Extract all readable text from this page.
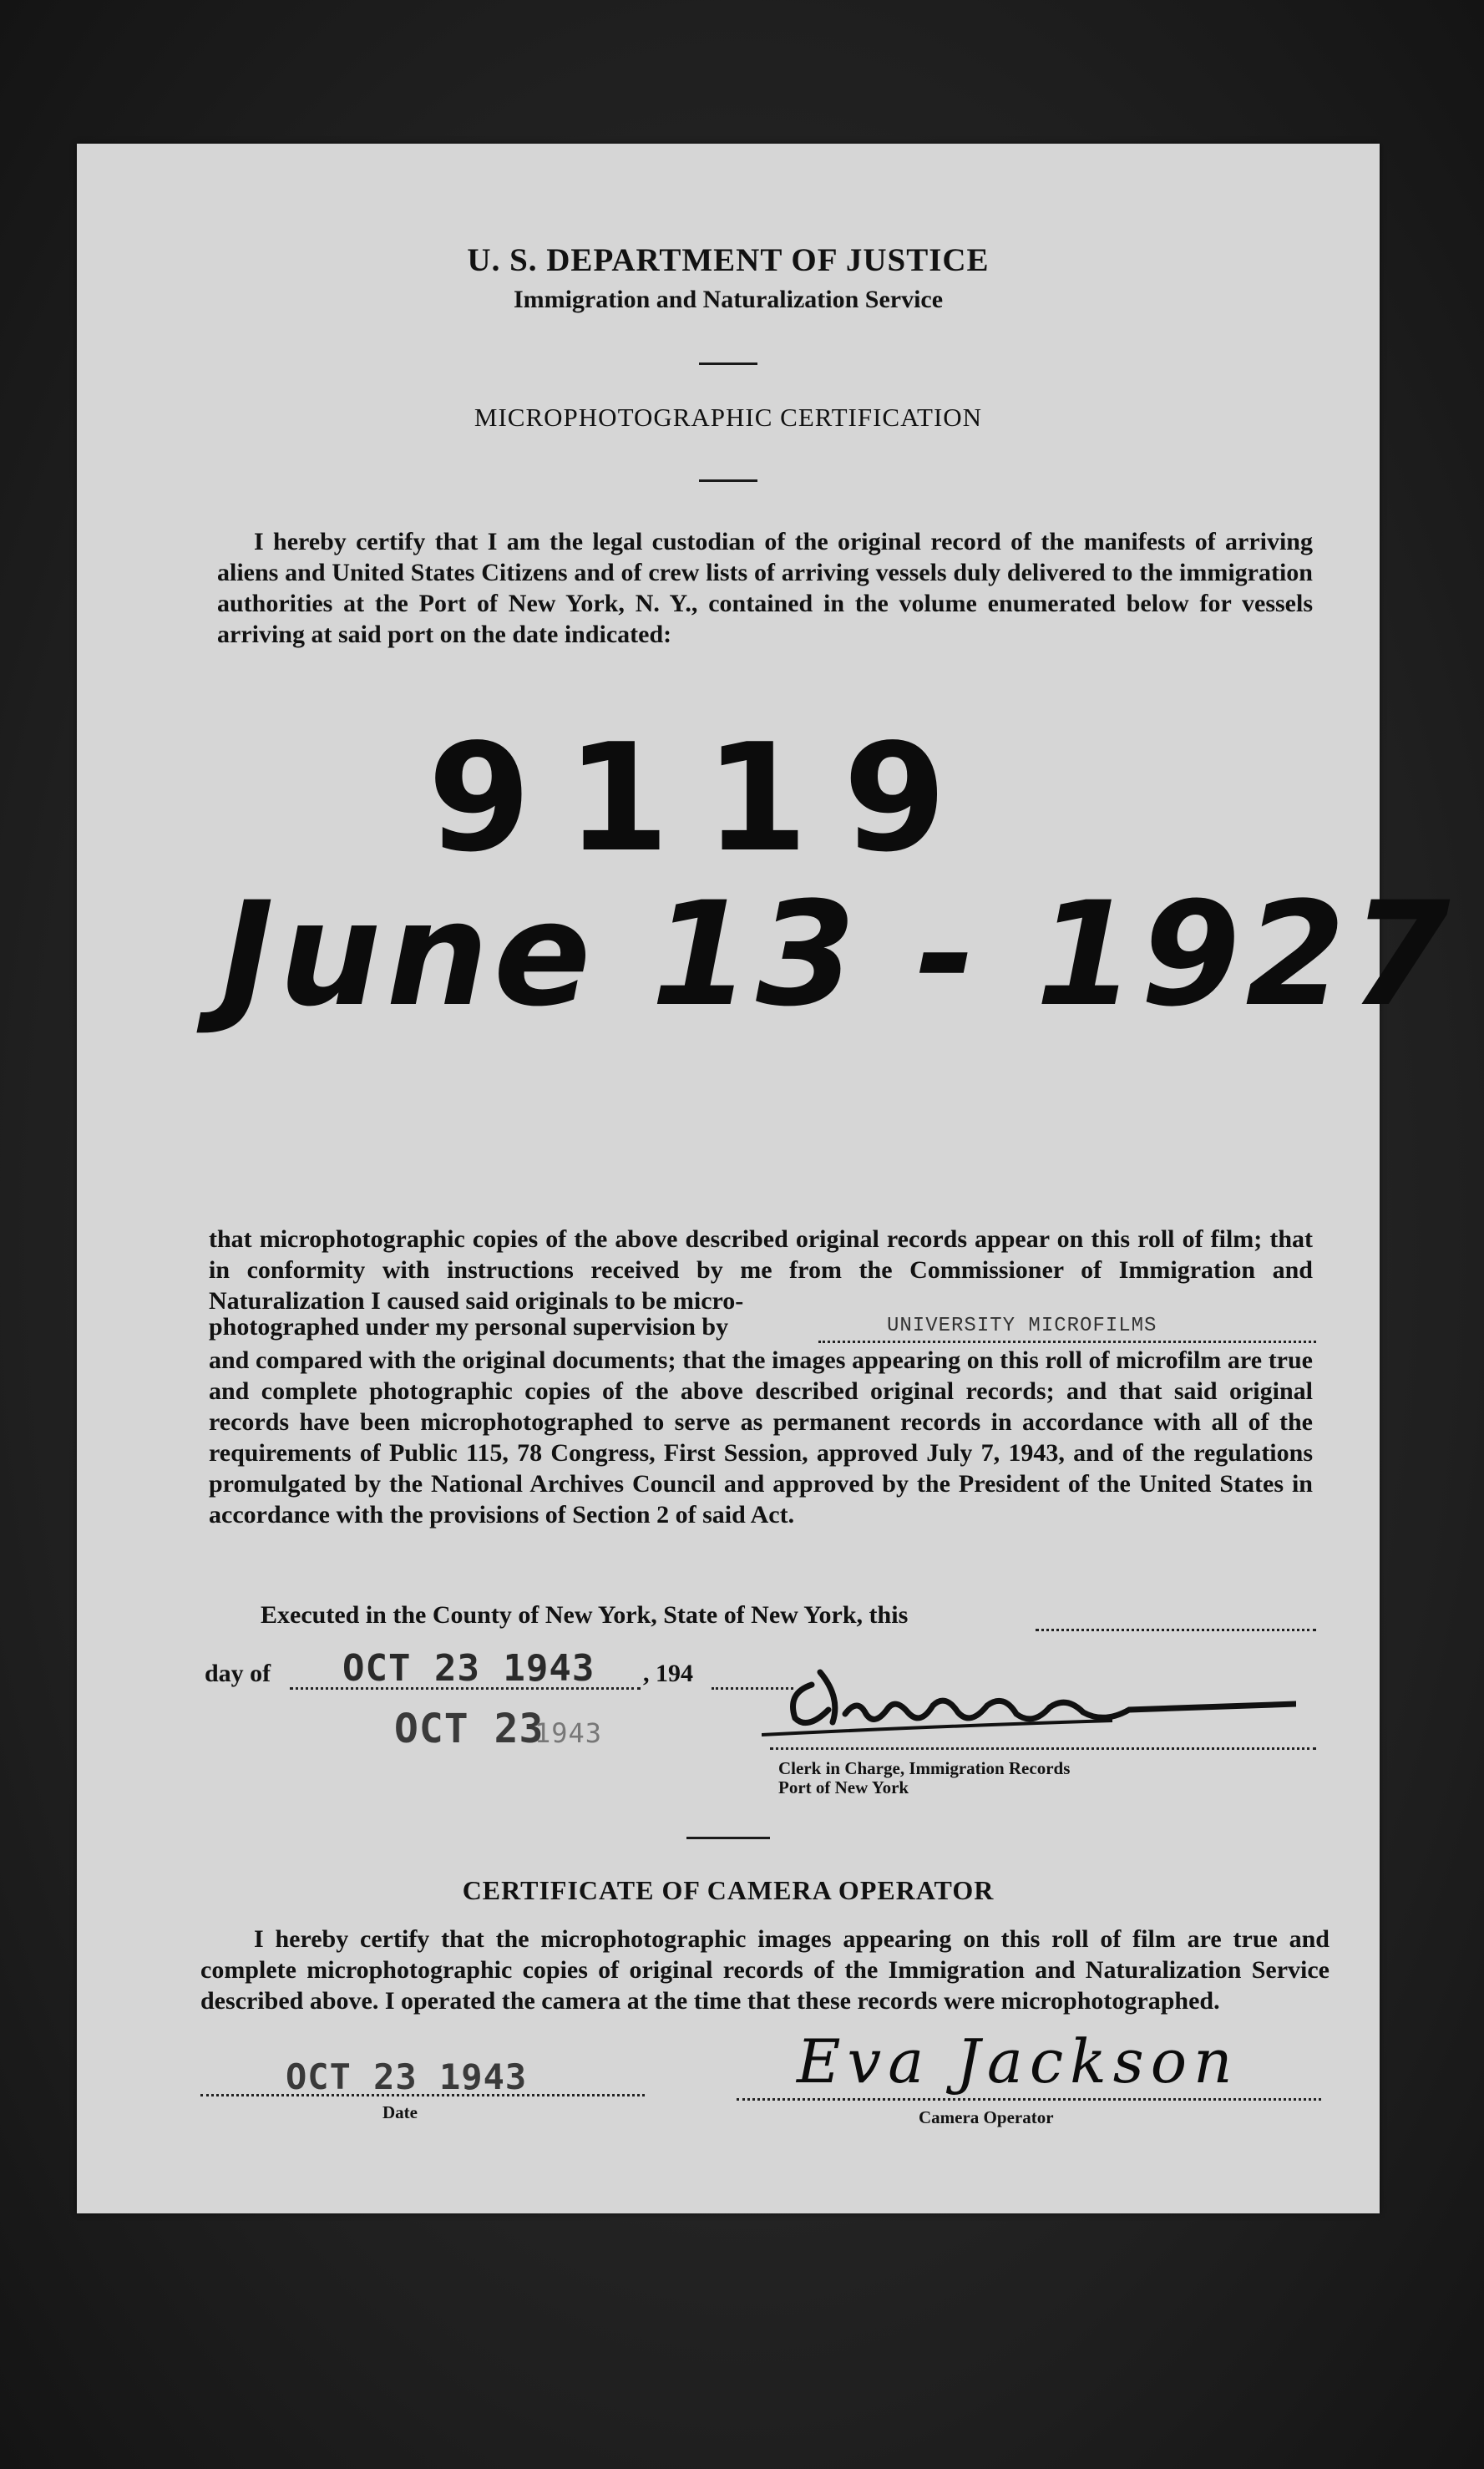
U. S. DEPARTMENT OF JUSTICE
Immigration and Naturalization Service
MICROPHOTOGRAPHIC CERTIFICATION

I hereby certify that I am the legal custodian of the original record of the manifests of arriving aliens and United States Citizens and of crew lists of arriving vessels duly delivered to the immigration authorities at the Port of New York, N. Y., contained in the volume enumerated below for vessels arriving at said port on the date indicated:

9119
June 13 - 1927

that microphotographic copies of the above described original records appear on this roll of film; that in conformity with instructions received by me from the Commissioner of Immigration and Naturalization I caused said originals to be micro-

photographed under my personal supervision by	UNIVERSITY MICROFILMS

and compared with the original documents; that the images appearing on this roll of microfilm are true and complete photographic copies of the above described original records; and that said original records have been microphotographed to serve as permanent records in accordance with all of the requirements of Public 115, 78 Congress, First Session, approved July 7, 1943, and of the regulations promulgated by the National Archives Council and approved by the President of the United States in accordance with the provisions of Section 2 of said Act.

Executed in the County of New York, State of New York, this
day of OCT 23 1943 , 194
OCT 23
1943
Clerk in Charge, Immigration Records
Port of New York
CERTIFICATE OF CAMERA OPERATOR

I hereby certify that the microphotographic images appearing on this roll of film are true and complete microphotographic copies of original records of the Immigration and Naturalization Service described above. I operated the camera at the time that these records were microphotographed.

OCT 23 1943
Date
Eva Jackson
Camera Operator
